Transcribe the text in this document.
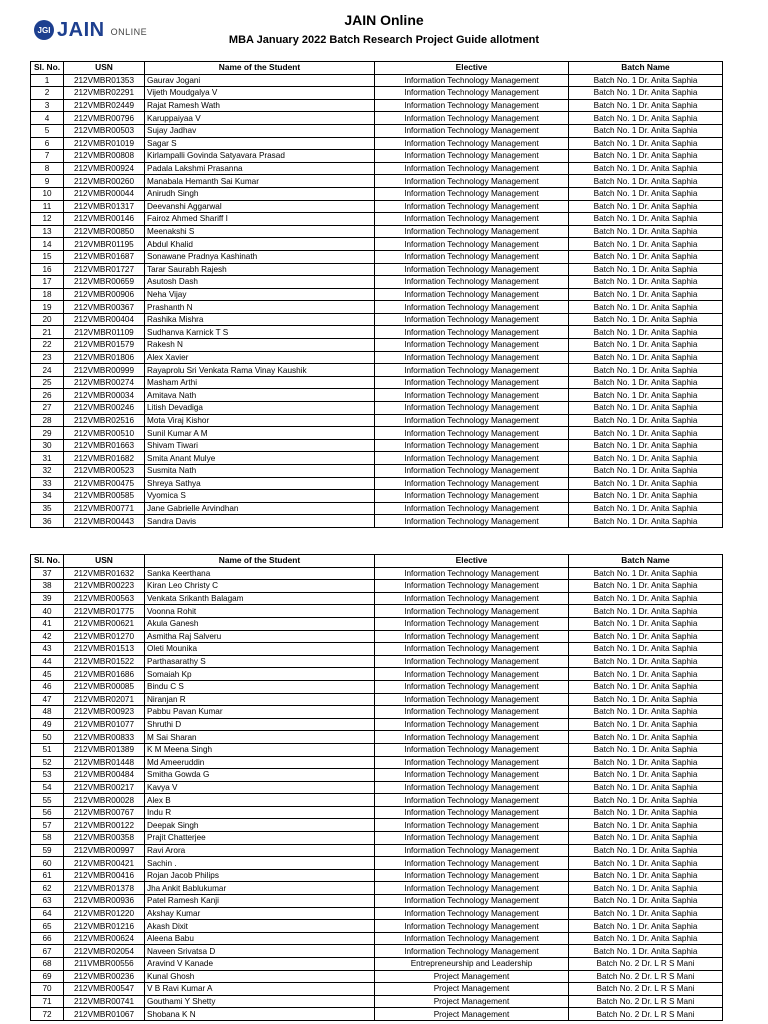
JGI JAIN ONLINE
JAIN Online
MBA January 2022 Batch Research Project Guide allotment
Sl. No.	USN	Name of the Student	Elective	Batch Name
1	212VMBR01353	Gaurav Jogani	Information Technology Management	Batch No. 1 Dr. Anita Saphia
2	212VMBR02291	Vijeth Moudgalya V	Information Technology Management	Batch No. 1 Dr. Anita Saphia
3	212VMBR02449	Rajat Ramesh Wath	Information Technology Management	Batch No. 1 Dr. Anita Saphia
4	212VMBR00796	Karuppaiyaa V	Information Technology Management	Batch No. 1 Dr. Anita Saphia
5	212VMBR00503	Sujay Jadhav	Information Technology Management	Batch No. 1 Dr. Anita Saphia
6	212VMBR01019	Sagar S	Information Technology Management	Batch No. 1 Dr. Anita Saphia
7	212VMBR00808	Kirlampalli Govinda Satyavara Prasad	Information Technology Management	Batch No. 1 Dr. Anita Saphia
8	212VMBR00924	Padala Lakshmi Prasanna	Information Technology Management	Batch No. 1 Dr. Anita Saphia
9	212VMBR00260	Manabala Hemanth Sai Kumar	Information Technology Management	Batch No. 1 Dr. Anita Saphia
10	212VMBR00044	Anirudh Singh	Information Technology Management	Batch No. 1 Dr. Anita Saphia
11	212VMBR01317	Deevanshi Aggarwal	Information Technology Management	Batch No. 1 Dr. Anita Saphia
12	212VMBR00146	Fairoz Ahmed Shariff I	Information Technology Management	Batch No. 1 Dr. Anita Saphia
13	212VMBR00850	Meenakshi S	Information Technology Management	Batch No. 1 Dr. Anita Saphia
14	212VMBR01195	Abdul Khalid	Information Technology Management	Batch No. 1 Dr. Anita Saphia
15	212VMBR01687	Sonawane Pradnya Kashinath	Information Technology Management	Batch No. 1 Dr. Anita Saphia
16	212VMBR01727	Tarar Saurabh Rajesh	Information Technology Management	Batch No. 1 Dr. Anita Saphia
17	212VMBR00659	Asutosh Dash	Information Technology Management	Batch No. 1 Dr. Anita Saphia
18	212VMBR00906	Neha Vijay	Information Technology Management	Batch No. 1 Dr. Anita Saphia
19	212VMBR00367	Prashanth N	Information Technology Management	Batch No. 1 Dr. Anita Saphia
20	212VMBR00404	Rashika Mishra	Information Technology Management	Batch No. 1 Dr. Anita Saphia
21	212VMBR01109	Sudhanva Karnick T S	Information Technology Management	Batch No. 1 Dr. Anita Saphia
22	212VMBR01579	Rakesh N	Information Technology Management	Batch No. 1 Dr. Anita Saphia
23	212VMBR01806	Alex Xavier	Information Technology Management	Batch No. 1 Dr. Anita Saphia
24	212VMBR00999	Rayaprolu Sri Venkata Rama Vinay Kaushik	Information Technology Management	Batch No. 1 Dr. Anita Saphia
25	212VMBR00274	Masham Arthi	Information Technology Management	Batch No. 1 Dr. Anita Saphia
26	212VMBR00034	Amitava Nath	Information Technology Management	Batch No. 1 Dr. Anita Saphia
27	212VMBR00246	Litish Devadiga	Information Technology Management	Batch No. 1 Dr. Anita Saphia
28	212VMBR02516	Mota Viraj Kishor	Information Technology Management	Batch No. 1 Dr. Anita Saphia
29	212VMBR00510	Sunil Kumar A M	Information Technology Management	Batch No. 1 Dr. Anita Saphia
30	212VMBR01663	Shivam Tiwari	Information Technology Management	Batch No. 1 Dr. Anita Saphia
31	212VMBR01682	Smita Anant Mulye	Information Technology Management	Batch No. 1 Dr. Anita Saphia
32	212VMBR00523	Susmita Nath	Information Technology Management	Batch No. 1 Dr. Anita Saphia
33	212VMBR00475	Shreya Sathya	Information Technology Management	Batch No. 1 Dr. Anita Saphia
34	212VMBR00585	Vyomica S	Information Technology Management	Batch No. 1 Dr. Anita Saphia
35	212VMBR00771	Jane Gabrielle Arvindhan	Information Technology Management	Batch No. 1 Dr. Anita Saphia
36	212VMBR00443	Sandra Davis	Information Technology Management	Batch No. 1 Dr. Anita Saphia
Sl. No.	USN	Name of the Student	Elective	Batch Name
37	212VMBR01632	Sanka Keerthana	Information Technology Management	Batch No. 1 Dr. Anita Saphia
38	212VMBR00223	Kiran Leo Christy C	Information Technology Management	Batch No. 1 Dr. Anita Saphia
39	212VMBR00563	Venkata Srikanth Balagam	Information Technology Management	Batch No. 1 Dr. Anita Saphia
40	212VMBR01775	Voonna Rohit	Information Technology Management	Batch No. 1 Dr. Anita Saphia
41	212VMBR00621	Akula Ganesh	Information Technology Management	Batch No. 1 Dr. Anita Saphia
42	212VMBR01270	Asmitha Raj Salveru	Information Technology Management	Batch No. 1 Dr. Anita Saphia
43	212VMBR01513	Oleti Mounika	Information Technology Management	Batch No. 1 Dr. Anita Saphia
44	212VMBR01522	Parthasarathy S	Information Technology Management	Batch No. 1 Dr. Anita Saphia
45	212VMBR01686	Somaiah Kp	Information Technology Management	Batch No. 1 Dr. Anita Saphia
46	212VMBR00085	Bindu C S	Information Technology Management	Batch No. 1 Dr. Anita Saphia
47	212VMBR02071	Niranjan R	Information Technology Management	Batch No. 1 Dr. Anita Saphia
48	212VMBR00923	Pabbu Pavan Kumar	Information Technology Management	Batch No. 1 Dr. Anita Saphia
49	212VMBR01077	Shruthi D	Information Technology Management	Batch No. 1 Dr. Anita Saphia
50	212VMBR00833	M Sai Sharan	Information Technology Management	Batch No. 1 Dr. Anita Saphia
51	212VMBR01389	K M Meena Singh	Information Technology Management	Batch No. 1 Dr. Anita Saphia
52	212VMBR01448	Md Ameeruddin	Information Technology Management	Batch No. 1 Dr. Anita Saphia
53	212VMBR00484	Smitha Gowda G	Information Technology Management	Batch No. 1 Dr. Anita Saphia
54	212VMBR00217	Kavya V	Information Technology Management	Batch No. 1 Dr. Anita Saphia
55	212VMBR00028	Alex B	Information Technology Management	Batch No. 1 Dr. Anita Saphia
56	212VMBR00767	Indu R	Information Technology Management	Batch No. 1 Dr. Anita Saphia
57	212VMBR00122	Deepak Singh	Information Technology Management	Batch No. 1 Dr. Anita Saphia
58	212VMBR00358	Prajit Chatterjee	Information Technology Management	Batch No. 1 Dr. Anita Saphia
59	212VMBR00997	Ravi Arora	Information Technology Management	Batch No. 1 Dr. Anita Saphia
60	212VMBR00421	Sachin .	Information Technology Management	Batch No. 1 Dr. Anita Saphia
61	212VMBR00416	Rojan Jacob Philips	Information Technology Management	Batch No. 1 Dr. Anita Saphia
62	212VMBR01378	Jha Ankit Bablukumar	Information Technology Management	Batch No. 1 Dr. Anita Saphia
63	212VMBR00936	Patel Ramesh Kanji	Information Technology Management	Batch No. 1 Dr. Anita Saphia
64	212VMBR01220	Akshay Kumar	Information Technology Management	Batch No. 1 Dr. Anita Saphia
65	212VMBR01216	Akash Dixit	Information Technology Management	Batch No. 1 Dr. Anita Saphia
66	212VMBR00624	Aleena Babu	Information Technology Management	Batch No. 1 Dr. Anita Saphia
67	212VMBR02054	Naveen Srivatsa D	Information Technology Management	Batch No. 1 Dr. Anita Saphia
68	211VMBR00556	Aravind V Kanade	Entrepreneurship and Leadership	Batch No. 2 Dr. L R S Mani
69	212VMBR00236	Kunal Ghosh	Project Management	Batch No. 2 Dr. L R S Mani
70	212VMBR00547	V B Ravi Kumar A	Project Management	Batch No. 2 Dr. L R S Mani
71	212VMBR00741	Gouthami Y Shetty	Project Management	Batch No. 2 Dr. L R S Mani
72	212VMBR01067	Shobana K N	Project Management	Batch No. 2 Dr. L R S Mani
